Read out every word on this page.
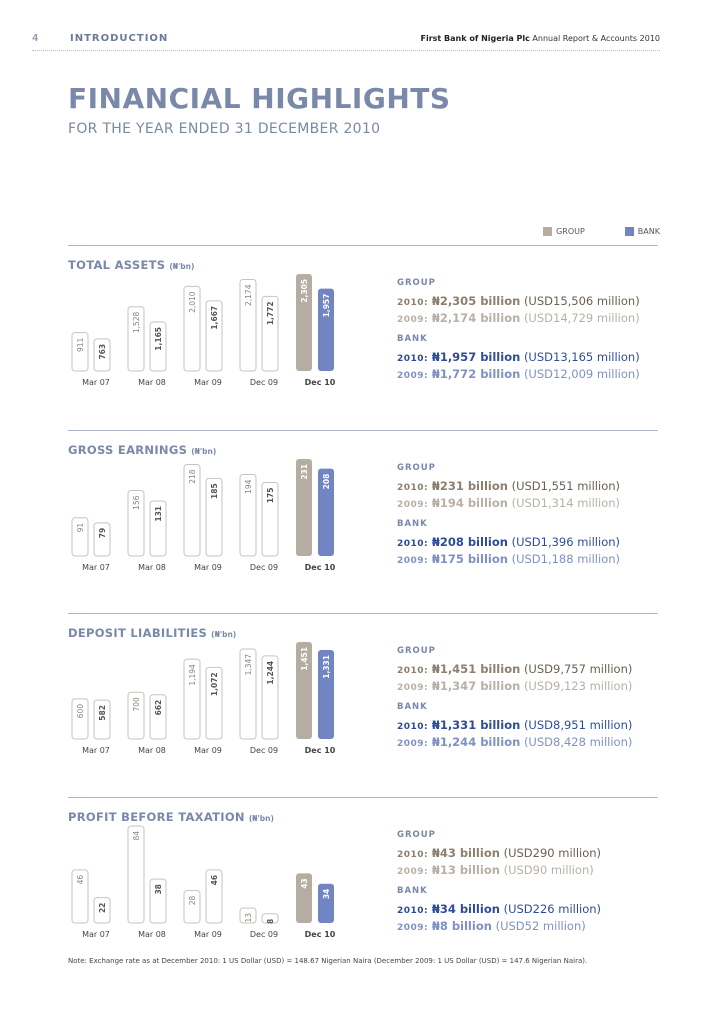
4	INTRODUCTION	First Bank of Nigeria Plc Annual Report & Accounts 2010
FINANCIAL HIGHLIGHTS
FOR THE YEAR ENDED 31 DECEMBER 2010
GROUP	BANK
TOTAL ASSETS (₦'bn)
911
1,528
2,010	2,174	2,305
763
1,165
1,667	1,772	1,957
Mar 07	Mar 08	Mar 09	Dec 09	Dec 10
GROUP
2010: ₦2,305 billion (USD15,506 million)
2009: ₦2,174 billion (USD14,729 million)
BANK
2010: ₦1,957 billion (USD13,165 million)
2009: ₦1,772 billion (USD12,009 million)
GROSS EARNINGS (₦'bn)
91
156
218
194
231
79
131
185	175
208
Mar 07	Mar 08	Mar 09	Dec 09	Dec 10
GROUP
2010: ₦231 billion (USD1,551 million)
2009: ₦194 billion (USD1,314 million)
BANK
2010: ₦208 billion (USD1,396 million)
2009: ₦175 billion (USD1,188 million)
DEPOSIT LIABILITIES (₦'bn)
600	700
1,194	1,347	1,451
582	662
1,072	1,244	1,331
Mar 07	Mar 08	Mar 09	Dec 09	Dec 10
GROUP
2010: ₦1,451 billion (USD9,757 million)
2009: ₦1,347 billion (USD9,123 million)
BANK
2010: ₦1,331 billion (USD8,951 million)
2009: ₦1,244 billion (USD8,428 million)
PROFIT BEFORE TAXATION (₦'bn)
46
84
28
13
43
22
38
46
8
34
Mar 07	Mar 08	Mar 09	Dec 09	Dec 10
GROUP
2010: ₦43 billion (USD290 million)
2009: ₦13 billion (USD90 million)
BANK
2010: ₦34 billion (USD226 million)
2009: ₦8 billion (USD52 million)
Note: Exchange rate as at December 2010: 1 US Dollar (USD) = 148.67 Nigerian Naira (December 2009: 1 US Dollar (USD) = 147.6 Nigerian Naira).
